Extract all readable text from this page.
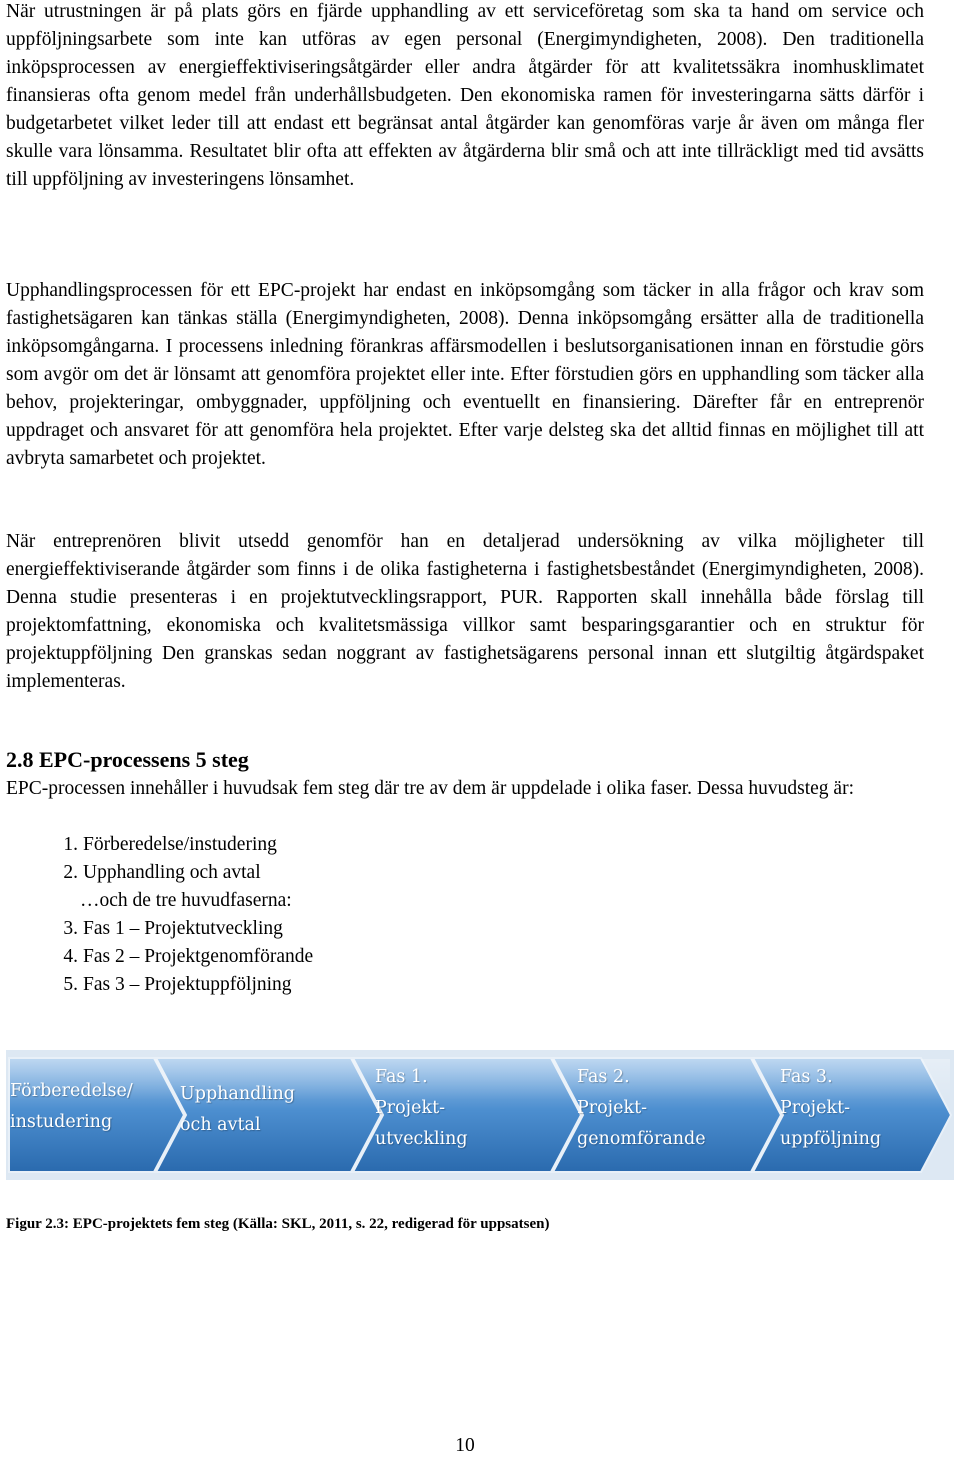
När utrustningen är på plats görs en fjärde upphandling av ett serviceföretag som ska ta hand om service och uppföljningsarbete som inte kan utföras av egen personal (Energimyndigheten, 2008). Den traditionella inköpsprocessen av energieffektiviseringsåtgärder eller andra åtgärder för att kvalitetssäkra inomhusklimatet finansieras ofta genom medel från underhållsbudgeten. Den ekonomiska ramen för investeringarna sätts därför i budgetarbetet vilket leder till att endast ett begränsat antal åtgärder kan genomföras varje år även om många fler skulle vara lönsamma. Resultatet blir ofta att effekten av åtgärderna blir små och att inte tillräckligt med tid avsätts till uppföljning av investeringens lönsamhet.

Upphandlingsprocessen för ett EPC-projekt har endast en inköpsomgång som täcker in alla frågor och krav som fastighetsägaren kan tänkas ställa (Energimyndigheten, 2008). Denna inköpsomgång ersätter alla de traditionella inköpsomgångarna. I processens inledning förankras affärsmodellen i beslutsorganisationen innan en förstudie görs som avgör om det är lönsamt att genomföra projektet eller inte. Efter förstudien görs en upphandling som täcker alla behov, projekteringar, ombyggnader, uppföljning och eventuellt en finansiering. Därefter får en entreprenör uppdraget och ansvaret för att genomföra hela projektet. Efter varje delsteg ska det alltid finnas en möjlighet till att avbryta samarbetet och projektet.

När entreprenören blivit utsedd genomför han en detaljerad undersökning av vilka möjligheter till energieffektiviserande åtgärder som finns i de olika fastigheterna i fastighetsbeståndet (Energimyndigheten, 2008). Denna studie presenteras i en projektutvecklingsrapport, PUR. Rapporten skall innehålla både förslag till projektomfattning, ekonomiska och kvalitetsmässiga villkor samt besparingsgarantier och en struktur för projektuppföljning Den granskas sedan noggrant av fastighetsägarens personal innan ett slutgiltig åtgärdspaket implementeras.

2.8 EPC-processens 5 steg

EPC-processen innehåller i huvudsak fem steg där tre av dem är uppdelade i olika faser. Dessa huvudsteg är:

1. Förberedelse/instudering
2. Upphandling och avtal
…och de tre huvudfaserna:
3. Fas 1 – Projektutveckling
4. Fas 2 – Projektgenomförande
5. Fas 3 – Projektuppföljning
Förberedelse/
instudering
Upphandling
och avtal
Fas 1.
Projekt-
utveckling
Fas 2.
Projekt-
genomförande
Fas 3.
Projekt-
uppföljning
Figur 2.3: EPC-projektets fem steg (Källa: SKL, 2011, s. 22, redigerad för uppsatsen)
10
